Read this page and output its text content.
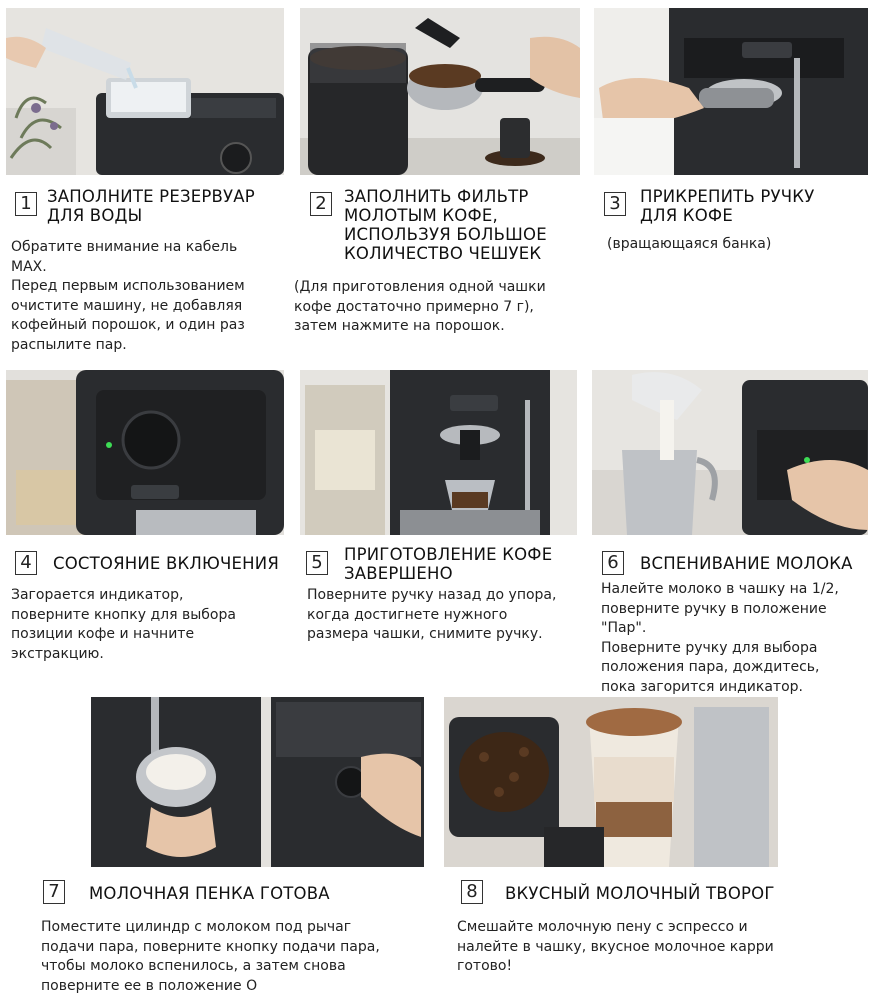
1 ЗАПОЛНИТЕ РЕЗЕРВУАР
ДЛЯ ВОДЫ
Обратите внимание на кабель
MAX.
Перед первым использованием
очистите машину, не добавляя
кофейный порошок, и один раз
распылите пар.
2	ЗАПОЛНИТЬ ФИЛЬТР
МОЛОТЫМ КОФЕ,
ИСПОЛЬЗУЯ БОЛЬШОЕ
КОЛИЧЕСТВО ЧЕШУЕК
(Для приготовления одной чашки
кофе достаточно примерно 7 г),
затем нажмите на порошок.
3	ПРИКРЕПИТЬ РУЧКУ
ДЛЯ КОФЕ
(вращающаяся банка)
4	СОСТОЯНИЕ ВКЛЮЧЕНИЯ
Загорается индикатор,
поверните кнопку для выбора
позиции кофе и начните
экстракцию.
5	ПРИГОТОВЛЕНИЕ КОФЕ
ЗАВЕРШЕНО
Поверните ручку назад до упора,
когда достигнете нужного
размера чашки, снимите ручку.
6	ВСПЕНИВАНИЕ МОЛОКА
Налейте молоко в чашку на 1/2,
поверните ручку в положение
"Пар".
Поверните ручку для выбора
положения пара, дождитесь,
пока загорится индикатор.
7	МОЛОЧНАЯ ПЕНКА ГОТОВА
Поместите цилиндр с молоком под рычаг
подачи пара, поверните кнопку подачи пара,
чтобы молоко вспенилось, а затем снова
поверните ее в положение О
8	ВКУСНЫЙ МОЛОЧНЫЙ ТВОРОГ
Смешайте молочную пену с эспрессо и
налейте в чашку, вкусное молочное карри
готово!
